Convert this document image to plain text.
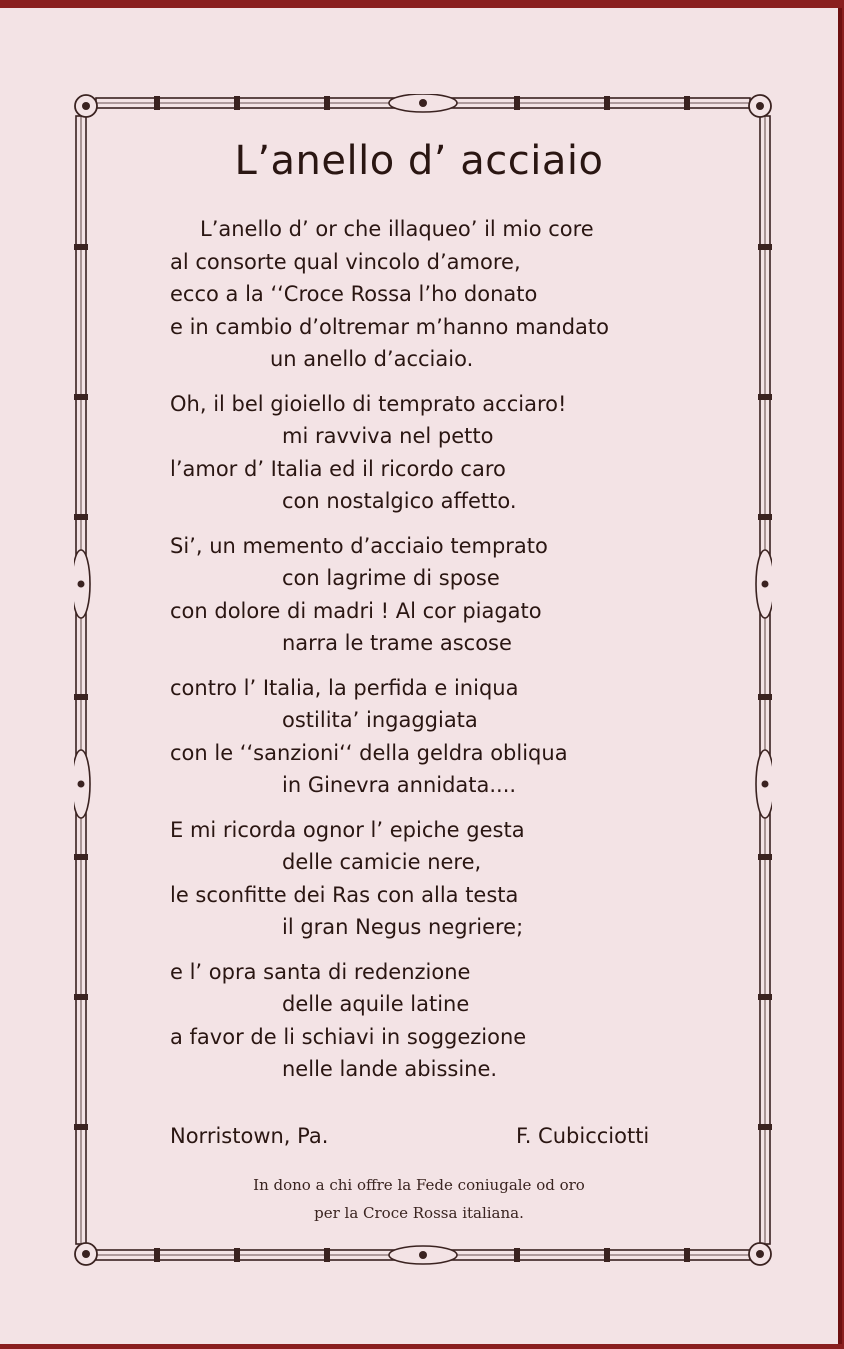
L’anello d’ acciaio
L’anello d’ or che illaqueo’ il mio core
al consorte qual vincolo d’amore,
ecco a la ‘‘Croce Rossa l’ho donato
e in cambio d’oltremar m’hanno mandato
un anello d’acciaio.
Oh, il bel gioiello di temprato acciaro!
mi ravviva nel petto
l’amor d’ Italia ed il ricordo caro
con nostalgico affetto.
Si’, un memento d’acciaio temprato
con lagrime di spose
con dolore di madri ! Al cor piagato
narra le trame ascose
contro l’ Italia, la perfida e iniqua
ostilita’ ingaggiata
con le ‘‘sanzioni‘‘ della geldra obliqua
in Ginevra annidata....
E mi ricorda ognor l’ epiche gesta
delle camicie nere,
le sconfitte dei Ras con alla testa
il gran Negus negriere;
e l’ opra santa di redenzione
delle aquile latine
a favor de li schiavi in soggezione
nelle lande abissine.
Norristown, Pa.	F. Cubicciotti
In dono a chi offre la Fede coniugale od oro
per la Croce Rossa italiana.
